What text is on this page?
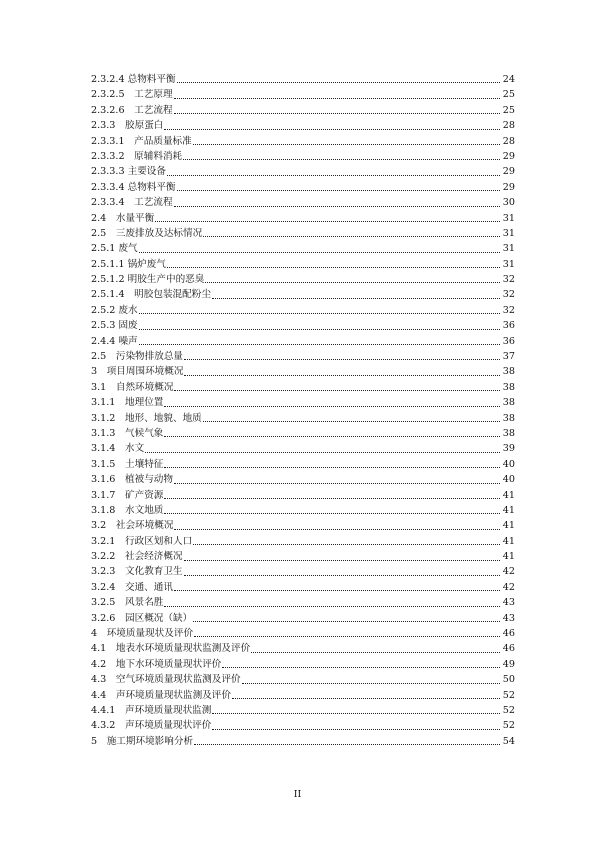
2.3.2.4 总物料平衡	24
2.3.2.5　工艺原理	25
2.3.2.6　工艺流程	25
2.3.3　胶原蛋白	28
2.3.3.1　产品质量标准	28
2.3.3.2　原辅料消耗	29
2.3.3.3 主要设备	29
2.3.3.4 总物料平衡	29
2.3.3.4　工艺流程	30
2.4　水量平衡	31
2.5　三废排放及达标情况	31
2.5.1 废气	31
2.5.1.1 锅炉废气	31
2.5.1.2 明胶生产中的恶臭	32
2.5.1.4　明胶包装混配粉尘	32
2.5.2 废水	32
2.5.3 固废	36
2.4.4 噪声	36
2.5　污染物排放总量	37
3　项目周围环境概况	38
3.1　自然环境概况	38
3.1.1　地理位置	38
3.1.2　地形、地貌、地质	38
3.1.3　气候气象	38
3.1.4　水文	39
3.1.5　土壤特征	40
3.1.6　植被与动物	40
3.1.7　矿产资源	41
3.1.8　水文地质	41
3.2　社会环境概况	41
3.2.1　行政区划和人口	41
3.2.2　社会经济概况	41
3.2.3　文化教育卫生	42
3.2.4　交通、通讯	42
3.2.5　风景名胜	43
3.2.6　园区概况（缺）	43
4　环境质量现状及评价	46
4.1　地表水环境质量现状监测及评价	46
4.2　地下水环境质量现状评价	49
4.3　空气环境质量现状监测及评价	50
4.4　声环境质量现状监测及评价	52
4.4.1　声环境质量现状监测	52
4.3.2　声环境质量现状评价	52
5　施工期环境影响分析	54
II
